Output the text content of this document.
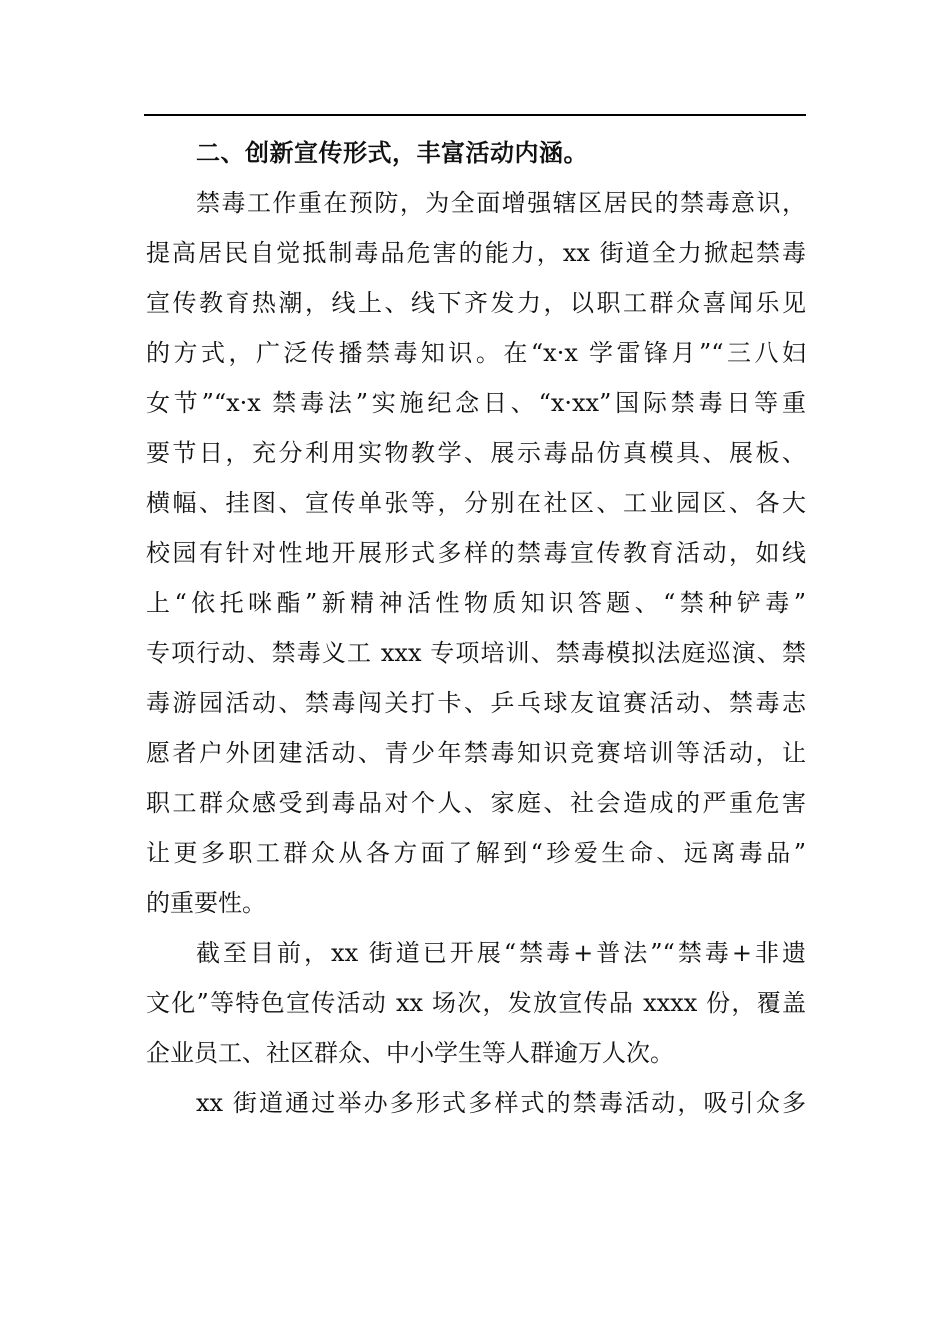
二、创新宣传形式，丰富活动内涵。
禁毒工作重在预防，为全面增强辖区居民的禁毒意识，
提高居民自觉抵制毒品危害的能力，xx 街道全力掀起禁毒
宣传教育热潮，线上、线下齐发力，以职工群众喜闻乐见
的方式，广泛传播禁毒知识。在“x·x 学雷锋月”“三八妇
女节”“x·x 禁毒法”实施纪念日、“x·xx”国际禁毒日等重
要节日，充分利用实物教学、展示毒品仿真模具、展板、
横幅、挂图、宣传单张等，分别在社区、工业园区、各大
校园有针对性地开展形式多样的禁毒宣传教育活动，如线
上“依托咪酯”新精神活性物质知识答题、“禁种铲毒”
专项行动、禁毒义工 xxx 专项培训、禁毒模拟法庭巡演、禁
毒游园活动、禁毒闯关打卡、乒乓球友谊赛活动、禁毒志
愿者户外团建活动、青少年禁毒知识竞赛培训等活动，让
职工群众感受到毒品对个人、家庭、社会造成的严重危害
让更多职工群众从各方面了解到“珍爱生命、远离毒品”
的重要性。
截至目前，xx 街道已开展“禁毒+普法”“禁毒+非遗
文化”等特色宣传活动 xx 场次，发放宣传品 xxxx 份，覆盖
企业员工、社区群众、中小学生等人群逾万人次。
xx 街道通过举办多形式多样式的禁毒活动，吸引众多
